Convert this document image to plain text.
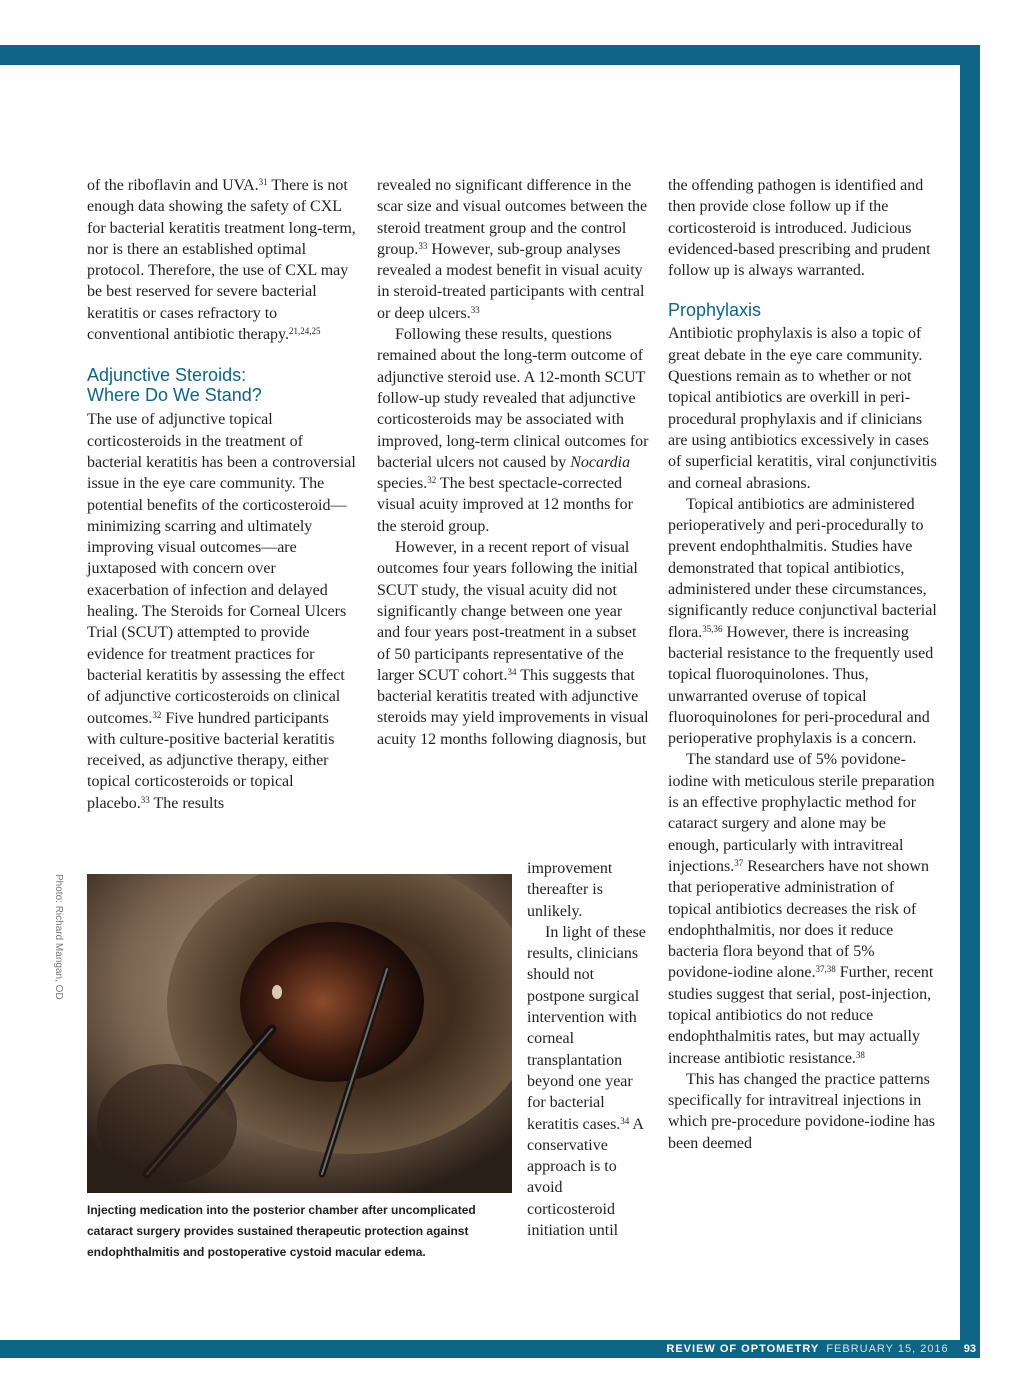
of the riboflavin and UVA.$^{31}$ There is not enough data showing the safety of CXL for bacterial keratitis treatment long-term, nor is there an established optimal protocol. Therefore, the use of CXL may be best reserved for severe bacterial keratitis or cases refractory to conventional antibiotic therapy.$^{21,24,25}$

Adjunctive Steroids:
Where Do We Stand?

The use of adjunctive topical corticosteroids in the treatment of bacterial keratitis has been a controversial issue in the eye care community. The potential benefits of the corticosteroid—minimizing scarring and ultimately improving visual outcomes—are juxtaposed with concern over exacerbation of infection and delayed healing. The Steroids for Corneal Ulcers Trial (SCUT) attempted to provide evidence for treatment practices for bacterial keratitis by assessing the effect of adjunctive corticosteroids on clinical outcomes.$^{32}$ Five hundred participants with culture-positive bacterial keratitis received, as adjunctive therapy, either topical corticosteroids or topical placebo.$^{33}$ The results

revealed no significant difference in the scar size and visual outcomes between the steroid treatment group and the control group.$^{33}$ However, sub-group analyses revealed a modest benefit in visual acuity in steroid-treated participants with central or deep ulcers.$^{33}$

Following these results, questions remained about the long-term outcome of adjunctive steroid use. A 12-month SCUT follow-up study revealed that adjunctive corticosteroids may be associated with improved, long-term clinical outcomes for bacterial ulcers not caused by Nocardia species.$^{32}$ The best spectacle-corrected visual acuity improved at 12 months for the steroid group.

However, in a recent report of visual outcomes four years following the initial SCUT study, the visual acuity did not significantly change between one year and four years post-treatment in a subset of 50 participants representative of the larger SCUT cohort.$^{34}$ This suggests that bacterial keratitis treated with adjunctive steroids may yield improvements in visual acuity 12 months following diagnosis, but

improvement thereafter is unlikely.

In light of these results, clinicians should not postpone surgical intervention with corneal transplantation beyond one year for bacterial keratitis cases.$^{34}$ A conservative approach is to avoid corticosteroid initiation until

the offending pathogen is identified and then provide close follow up if the corticosteroid is introduced. Judicious evidenced-based prescribing and prudent follow up is always warranted.

Prophylaxis

Antibiotic prophylaxis is also a topic of great debate in the eye care community. Questions remain as to whether or not topical antibiotics are overkill in peri-procedural prophylaxis and if clinicians are using antibiotics excessively in cases of superficial keratitis, viral conjunctivitis and corneal abrasions.

Topical antibiotics are administered perioperatively and peri-procedurally to prevent endophthalmitis. Studies have demonstrated that topical antibiotics, administered under these circumstances, significantly reduce conjunctival bacterial flora.$^{35,36}$ However, there is increasing bacterial resistance to the frequently used topical fluoroquinolones. Thus, unwarranted overuse of topical fluoroquinolones for peri-procedural and perioperative prophylaxis is a concern.

The standard use of 5% povidone-iodine with meticulous sterile preparation is an effective prophylactic method for cataract surgery and alone may be enough, particularly with intravitreal injections.$^{37}$ Researchers have not shown that perioperative administration of topical antibiotics decreases the risk of endophthalmitis, nor does it reduce bacteria flora beyond that of 5% povidone-iodine alone.$^{37,38}$ Further, recent studies suggest that serial, post-injection, topical antibiotics do not reduce endophthalmitis rates, but may actually increase antibiotic resistance.$^{38}$

This has changed the practice patterns specifically for intravitreal injections in which pre-procedure povidone-iodine has been deemed

Photo: Richard Mangan, OD
Injecting medication into the posterior chamber after uncomplicated cataract surgery provides sustained therapeutic protection against endophthalmitis and postoperative cystoid macular edema.
REVIEW OF OPTOMETRY FEBRUARY 15, 2016 93
